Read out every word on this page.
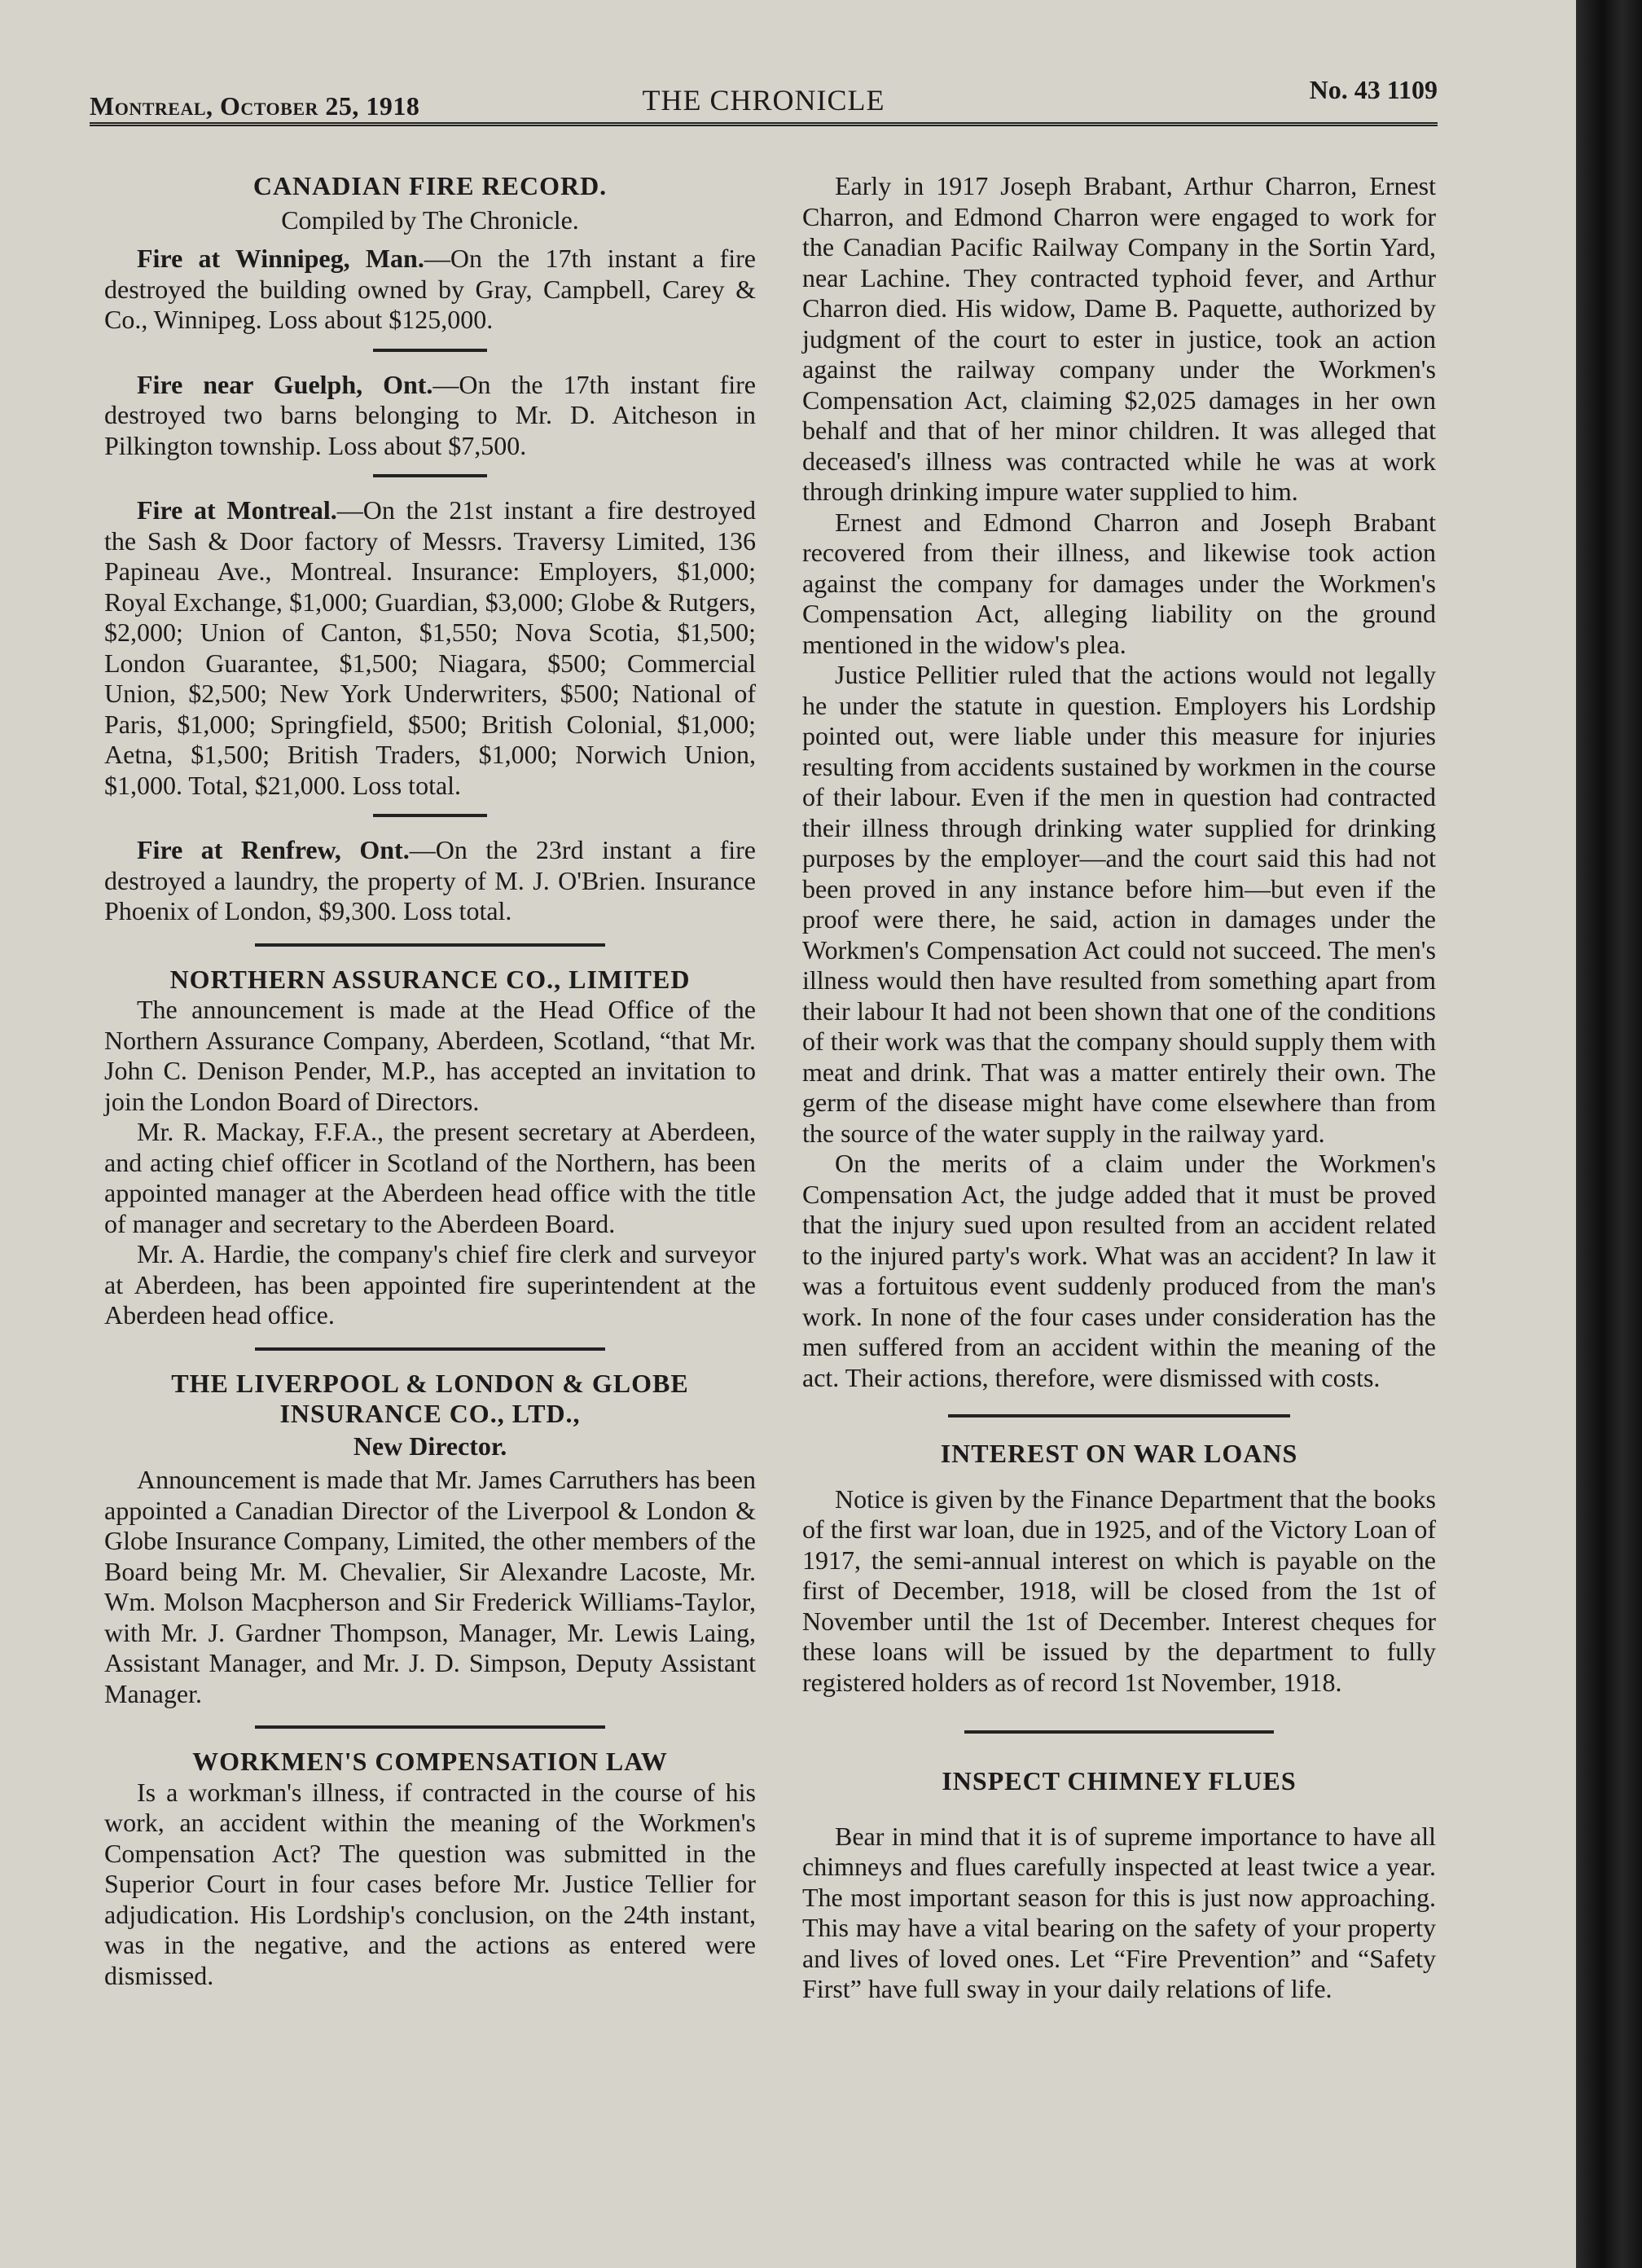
Montreal, October 25, 1918	THE CHRONICLE	No. 43 1109
CANADIAN FIRE RECORD.
Compiled by The Chronicle.

Fire at Winnipeg, Man.—On the 17th instant a fire destroyed the building owned by Gray, Campbell, Carey & Co., Winnipeg. Loss about $125,000.

Fire near Guelph, Ont.—On the 17th instant fire destroyed two barns belonging to Mr. D. Aitcheson in Pilkington township. Loss about $7,500.

Fire at Montreal.—On the 21st instant a fire destroyed the Sash & Door factory of Messrs. Traversy Limited, 136 Papineau Ave., Montreal. Insurance: Employers, $1,000; Royal Exchange, $1,000; Guardian, $3,000; Globe & Rutgers, $2,000; Union of Canton, $1,550; Nova Scotia, $1,500; London Guarantee, $1,500; Niagara, $500; Commercial Union, $2,500; New York Underwriters, $500; National of Paris, $1,000; Springfield, $500; British Colonial, $1,000; Aetna, $1,500; British Traders, $1,000; Norwich Union, $1,000. Total, $21,000. Loss total.

Fire at Renfrew, Ont.—On the 23rd instant a fire destroyed a laundry, the property of M. J. O'Brien. Insurance Phoenix of London, $9,300. Loss total.

NORTHERN ASSURANCE CO., LIMITED

The announcement is made at the Head Office of the Northern Assurance Company, Aberdeen, Scotland, “that Mr. John C. Denison Pender, M.P., has accepted an invitation to join the London Board of Directors.

Mr. R. Mackay, F.F.A., the present secretary at Aberdeen, and acting chief officer in Scotland of the Northern, has been appointed manager at the Aberdeen head office with the title of manager and secretary to the Aberdeen Board.

Mr. A. Hardie, the company's chief fire clerk and surveyor at Aberdeen, has been appointed fire superintendent at the Aberdeen head office.

THE LIVERPOOL & LONDON & GLOBE
INSURANCE CO., LTD.,
New Director.

Announcement is made that Mr. James Carruthers has been appointed a Canadian Director of the Liverpool & London & Globe Insurance Company, Limited, the other members of the Board being Mr. M. Chevalier, Sir Alexandre Lacoste, Mr. Wm. Molson Macpherson and Sir Frederick Williams-Taylor, with Mr. J. Gardner Thompson, Manager, Mr. Lewis Laing, Assistant Manager, and Mr. J. D. Simpson, Deputy Assistant Manager.

WORKMEN'S COMPENSATION LAW

Is a workman's illness, if contracted in the course of his work, an accident within the meaning of the Workmen's Compensation Act? The question was submitted in the Superior Court in four cases before Mr. Justice Tellier for adjudication. His Lordship's conclusion, on the 24th instant, was in the negative, and the actions as entered were dismissed.

Early in 1917 Joseph Brabant, Arthur Charron, Ernest Charron, and Edmond Charron were engaged to work for the Canadian Pacific Railway Company in the Sortin Yard, near Lachine. They contracted typhoid fever, and Arthur Charron died. His widow, Dame B. Paquette, authorized by judgment of the court to ester in justice, took an action against the railway company under the Workmen's Compensation Act, claiming $2,025 damages in her own behalf and that of her minor children. It was alleged that deceased's illness was contracted while he was at work through drinking impure water supplied to him.

Ernest and Edmond Charron and Joseph Brabant recovered from their illness, and likewise took action against the company for damages under the Workmen's Compensation Act, alleging liability on the ground mentioned in the widow's plea.

Justice Pellitier ruled that the actions would not legally he under the statute in question. Employers his Lordship pointed out, were liable under this measure for injuries resulting from accidents sustained by workmen in the course of their labour. Even if the men in question had contracted their illness through drinking water supplied for drinking purposes by the employer—and the court said this had not been proved in any instance before him—but even if the proof were there, he said, action in damages under the Workmen's Compensation Act could not succeed. The men's illness would then have resulted from something apart from their labour It had not been shown that one of the conditions of their work was that the company should supply them with meat and drink. That was a matter entirely their own. The germ of the disease might have come elsewhere than from the source of the water supply in the railway yard.

On the merits of a claim under the Workmen's Compensation Act, the judge added that it must be proved that the injury sued upon resulted from an accident related to the injured party's work. What was an accident? In law it was a fortuitous event suddenly produced from the man's work. In none of the four cases under consideration has the men suffered from an accident within the meaning of the act. Their actions, therefore, were dismissed with costs.

INTEREST ON WAR LOANS

Notice is given by the Finance Department that the books of the first war loan, due in 1925, and of the Victory Loan of 1917, the semi-annual interest on which is payable on the first of December, 1918, will be closed from the 1st of November until the 1st of December. Interest cheques for these loans will be issued by the department to fully registered holders as of record 1st November, 1918.

INSPECT CHIMNEY FLUES

Bear in mind that it is of supreme importance to have all chimneys and flues carefully inspected at least twice a year. The most important season for this is just now approaching. This may have a vital bearing on the safety of your property and lives of loved ones. Let “Fire Prevention” and “Safety First” have full sway in your daily relations of life.
